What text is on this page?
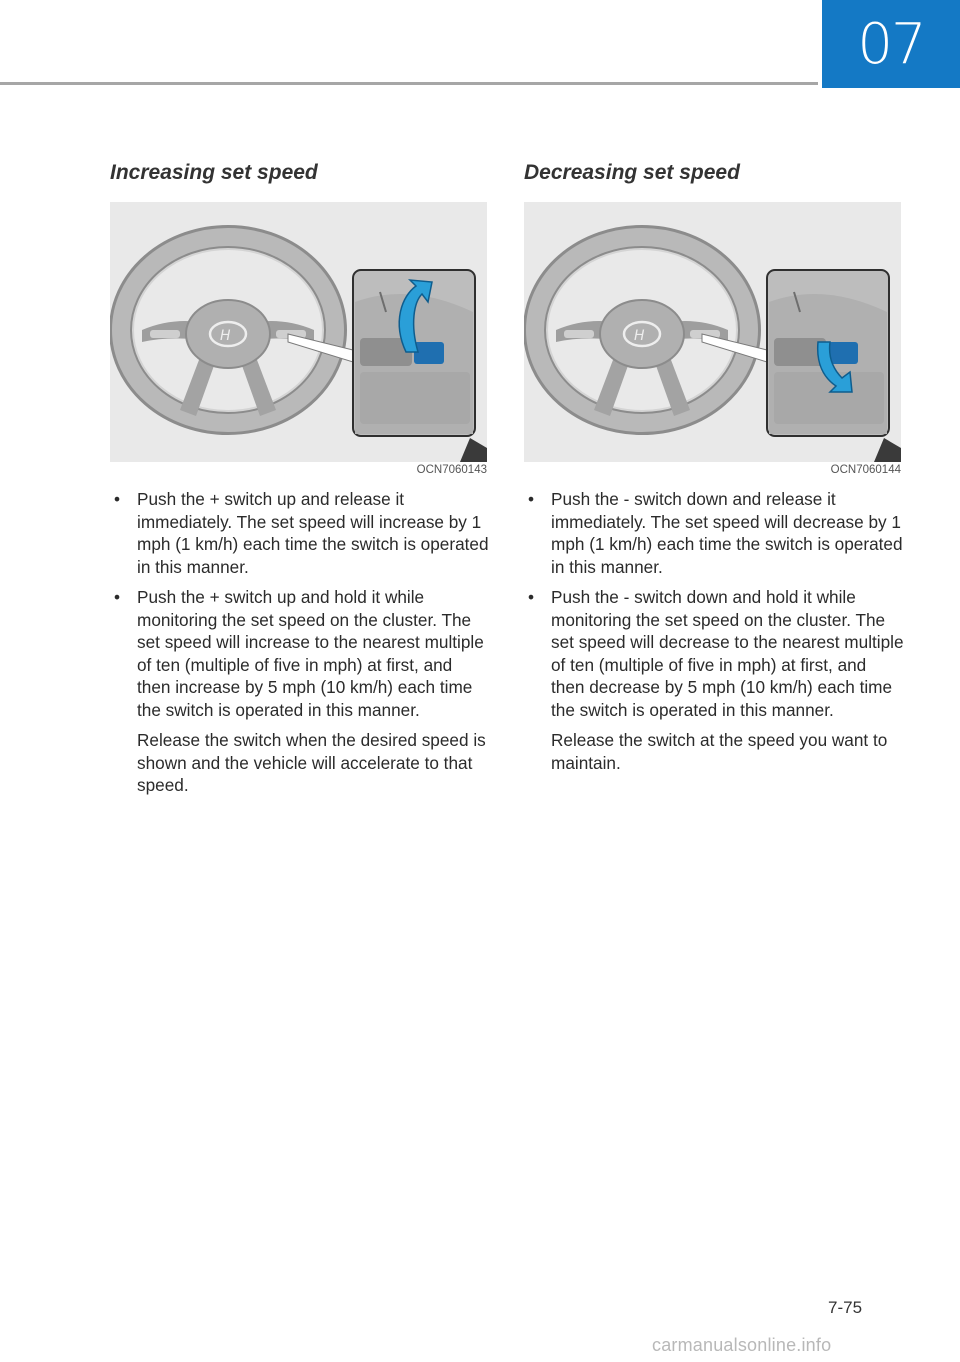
07
Increasing set speed
H
OCN7060143
• Push the + switch up and release it immediately. The set speed will increase by 1 mph (1 km/h) each time the switch is operated in this manner.

• Push the + switch up and hold it while monitoring the set speed on the cluster. The set speed will increase to the nearest multiple of ten (multiple of five in mph) at first, and then increase by 5 mph (10 km/h) each time the switch is operated in this manner.

Release the switch when the desired speed is shown and the vehicle will accelerate to that speed.

Decreasing set speed
H
OCN7060144
• Push the - switch down and release it immediately. The set speed will decrease by 1 mph (1 km/h) each time the switch is operated in this manner.

• Push the - switch down and hold it while monitoring the set speed on the cluster. The set speed will decrease to the nearest multiple of ten (multiple of five in mph) at first, and then decrease by 5 mph (10 km/h) each time the switch is operated in this manner.

Release the switch at the speed you want to maintain.

7-75
carmanualsonline.info
